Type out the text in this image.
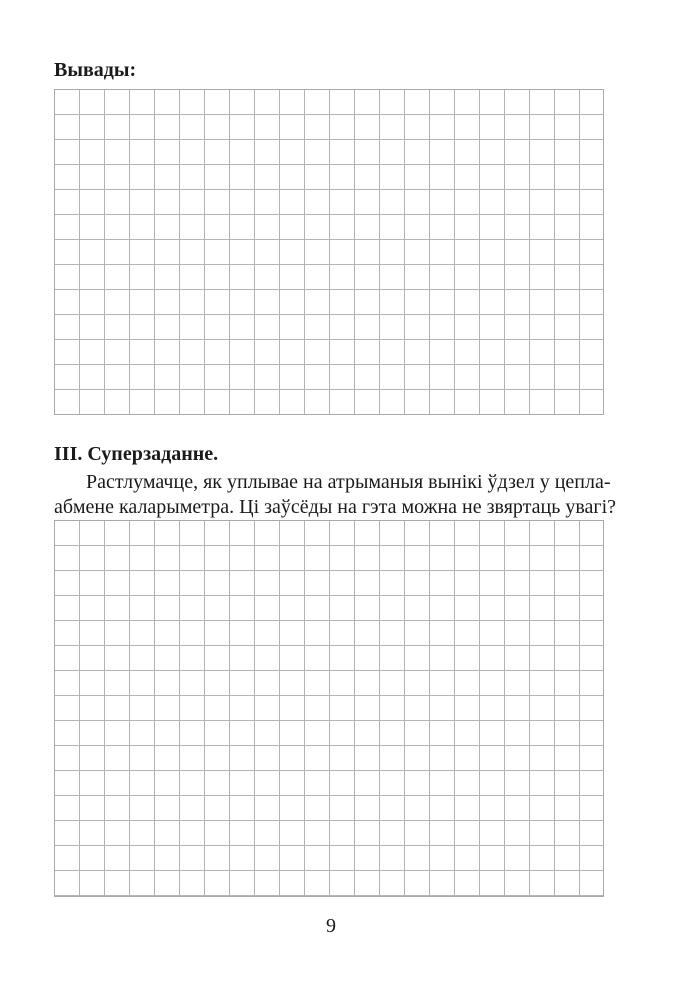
Вывады:
III. Суперзаданне.

Растлумачце, як уплывае на атрыманыя вынікі ўдзел у цепла-
абмене каларыметра. Ці заўсёды на гэта можна не звяртаць увагі?

9
